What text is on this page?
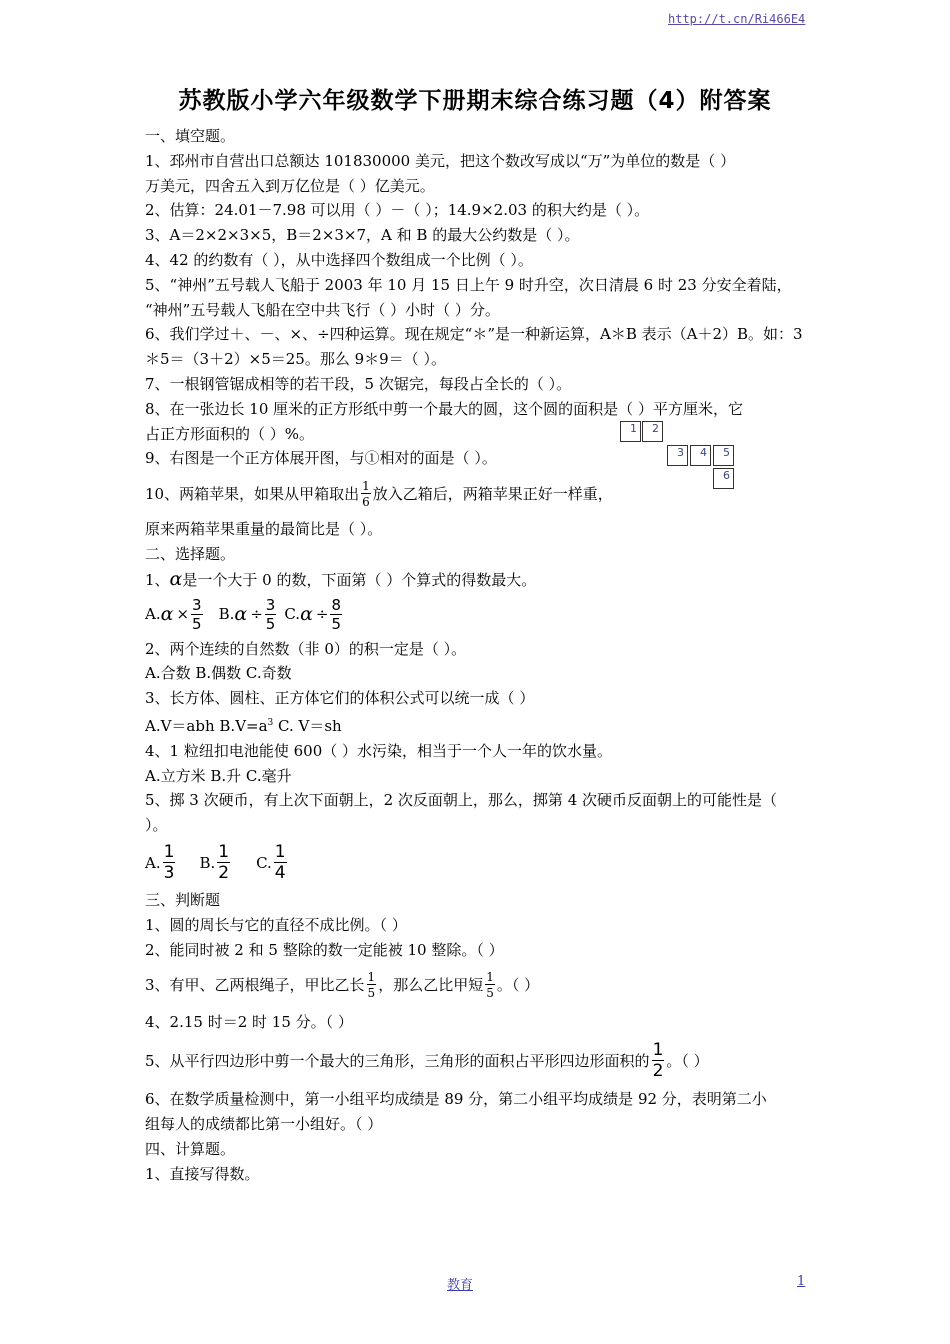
http://t.cn/Ri466E4
苏教版小学六年级数学下册期末综合练习题（4）附答案
一、填空题。
1、邳州市自营出口总额达 101830000 美元，把这个数改写成以“万”为单位的数是（ ）
万美元，四舍五入到万亿位是（ ）亿美元。
2、估算：24.01－7.98 可以用（ ）－（ ）；14.9×2.03 的积大约是（ ）。
3、A＝2×2×3×5，B＝2×3×7，A 和 B 的最大公约数是（ ）。
4、42 的约数有（ ），从中选择四个数组成一个比例（ ）。
5、“神州”五号载人飞船于 2003 年 10 月 15 日上午 9 时升空，次日清晨 6 时 23 分安全着陆，
“神州”五号载人飞船在空中共飞行（ ）小时（ ）分。
6、我们学过＋、－、×、÷四种运算。现在规定“＊”是一种新运算，A＊B 表示（A＋2）B。如：3
＊5＝（3＋2）×5＝25。那么 9＊9＝（ ）。
7、一根钢管锯成相等的若干段，5 次锯完，每段占全长的（ ）。
8、在一张边长 10 厘米的正方形纸中剪一个最大的圆，这个圆的面积是（ ）平方厘米，它
占正方形面积的（ ）%。
9、右图是一个正方体展开图，与①相对的面是（ ）。
10、两箱苹果，如果从甲箱取出 $\frac{1}{6}$ 放入乙箱后，两箱苹果正好一样重，
原来两箱苹果重量的最简比是（ ）。
二、选择题。
1、α是一个大于 0 的数，下面第（ ）个算式的得数最大。
A. $\alpha \times \frac{3}{5} B$. $\alpha \div \frac{3}{5} C$. $\alpha \div \frac{8}{5}$
2、两个连续的自然数（非 0）的积一定是（ ）。
A.合数 B.偶数 C.奇数
3、长方体、圆柱、正方体它们的体积公式可以统一成（ ）
A.V＝abh $B.V=a^3$ C. V＝sh
4、1 粒纽扣电池能使 600（ ）水污染，相当于一个人一年的饮水量。
A.立方米 B.升 C.毫升
5、掷 3 次硬币，有上次下面朝上，2 次反面朝上，那么，掷第 4 次硬币反面朝上的可能性是（
）。
A. $\frac{1}{3} B$. $\frac{1}{2} C$. $\frac{1}{4}$
三、判断题
1、圆的周长与它的直径不成比例。（ ）
2、能同时被 2 和 5 整除的数一定能被 10 整除。（ ）
3、有甲、乙两根绳子，甲比乙长 $\frac{1}{5}$ ，那么乙比甲短 $\frac{1}{5}$ 。（ ）
4、2.15 时＝2 时 15 分。（ ）
5、从平行四边形中剪一个最大的三角形，三角形的面积占平形四边形面积的 $\frac{1}{2}$ 。（ ）
6、在数学质量检测中，第一小组平均成绩是 89 分，第二小组平均成绩是 92 分，表明第二小
组每人的成绩都比第一小组好。（ ）
四、计算题。
1、直接写得数。
1	2
3	4	5
6
教育	1
